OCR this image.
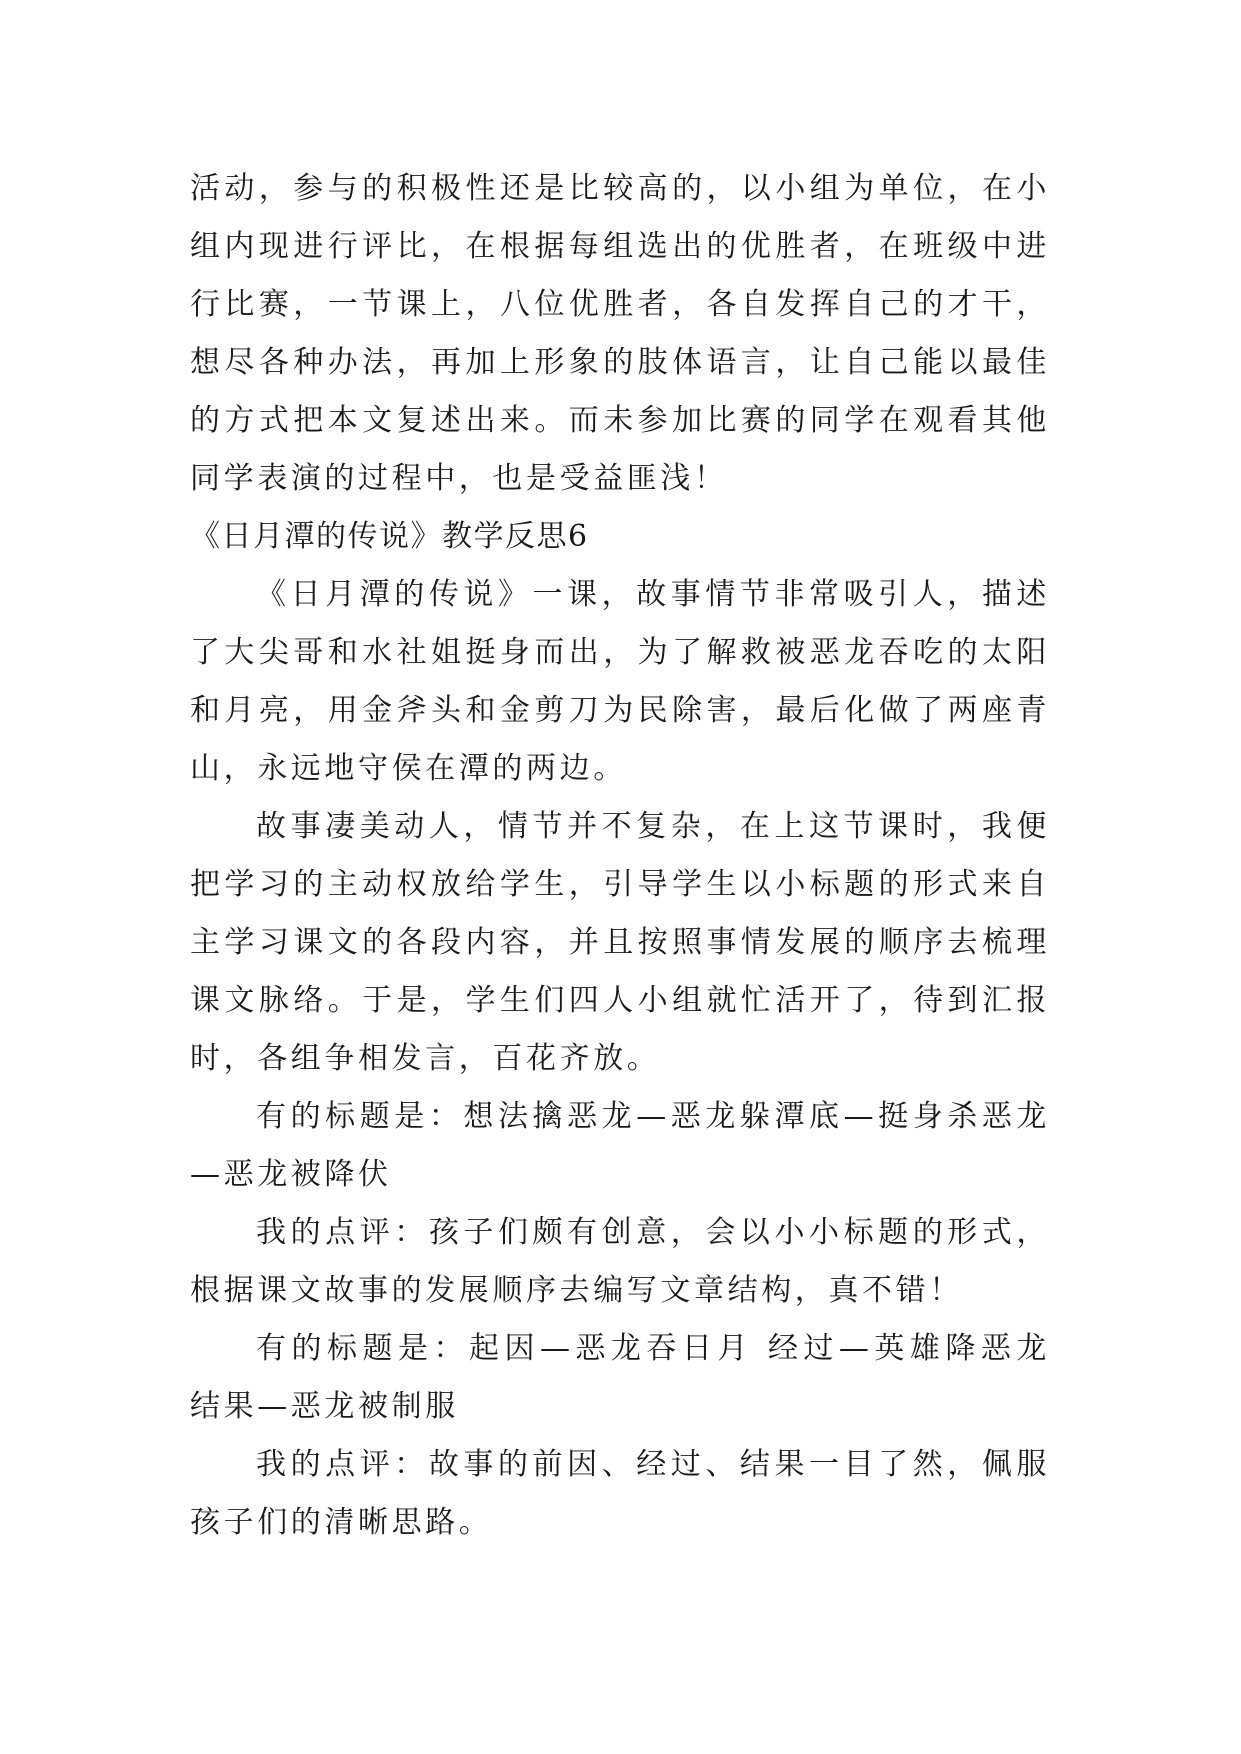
活动，参与的积极性还是比较高的，以小组为单位，在小组内现进行评比，在根据每组选出的优胜者，在班级中进行比赛，一节课上，八位优胜者，各自发挥自己的才干，想尽各种办法，再加上形象的肢体语言，让自己能以最佳的方式把本文复述出来。而未参加比赛的同学在观看其他同学表演的过程中，也是受益匪浅！

《日月潭的传说》教学反思6

《日月潭的传说》一课，故事情节非常吸引人，描述了大尖哥和水社姐挺身而出，为了解救被恶龙吞吃的太阳和月亮，用金斧头和金剪刀为民除害，最后化做了两座青山，永远地守侯在潭的两边。

故事凄美动人，情节并不复杂，在上这节课时，我便把学习的主动权放给学生，引导学生以小标题的形式来自主学习课文的各段内容，并且按照事情发展的顺序去梳理课文脉络。于是，学生们四人小组就忙活开了，待到汇报时，各组争相发言，百花齐放。

有的标题是：想法擒恶龙—恶龙躲潭底—挺身杀恶龙—恶龙被降伏

我的点评：孩子们颇有创意，会以小小标题的形式，根据课文故事的发展顺序去编写文章结构，真不错！

有的标题是：起因—恶龙吞日月 经过—英雄降恶龙 结果—恶龙被制服

我的点评：故事的前因、经过、结果一目了然，佩服孩子们的清晰思路。
